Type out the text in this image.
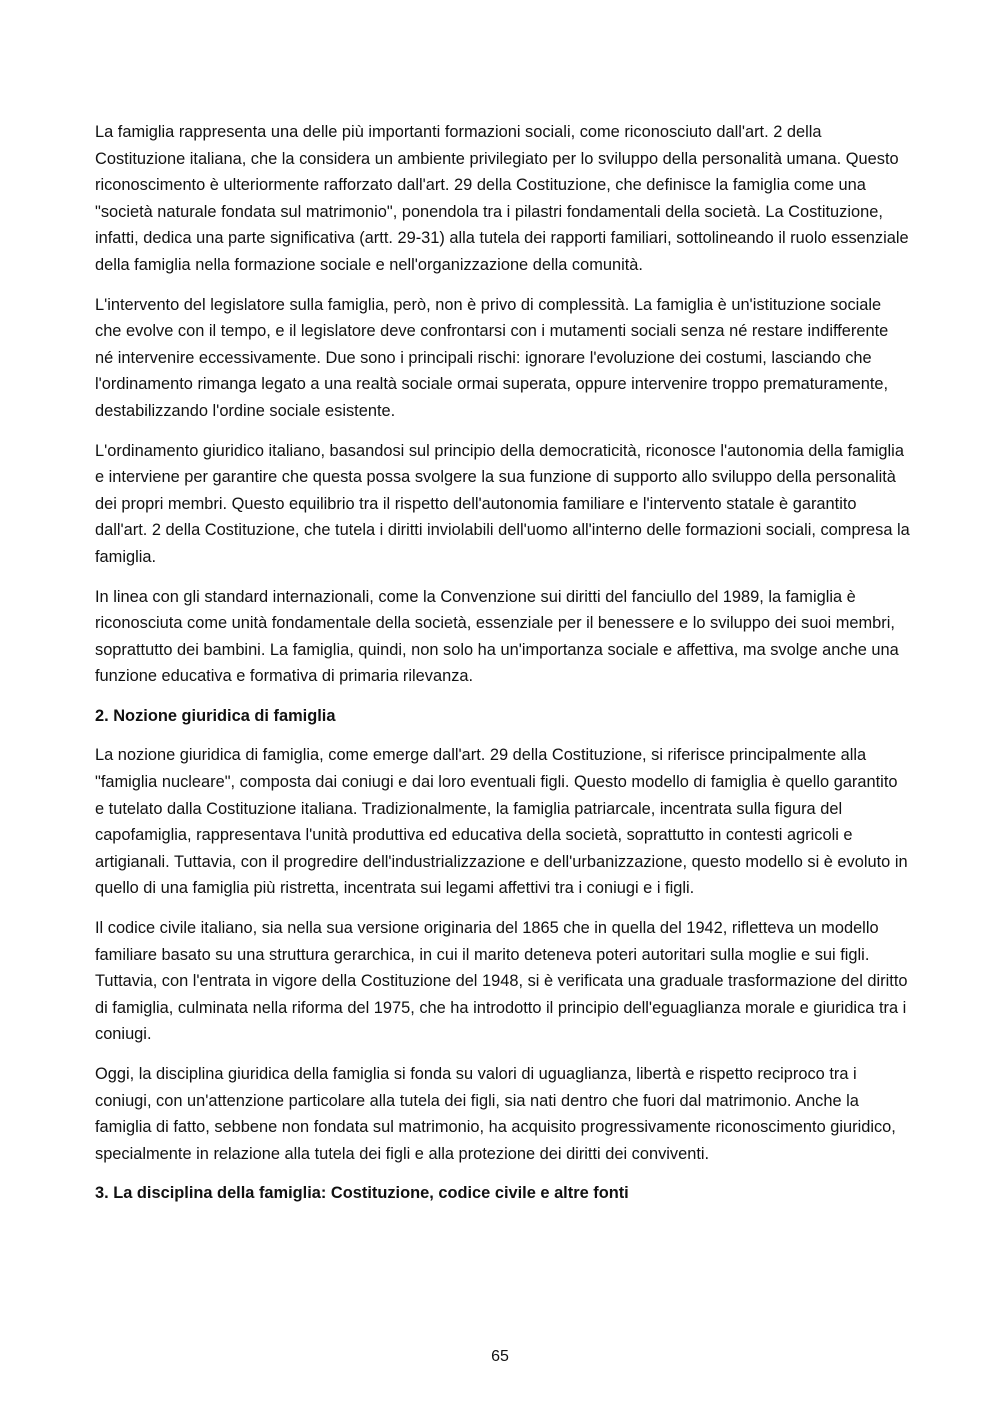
La famiglia rappresenta una delle più importanti formazioni sociali, come riconosciuto dall'art. 2 della Costituzione italiana, che la considera un ambiente privilegiato per lo sviluppo della personalità umana. Questo riconoscimento è ulteriormente rafforzato dall'art. 29 della Costituzione, che definisce la famiglia come una "società naturale fondata sul matrimonio", ponendola tra i pilastri fondamentali della società. La Costituzione, infatti, dedica una parte significativa (artt. 29-31) alla tutela dei rapporti familiari, sottolineando il ruolo essenziale della famiglia nella formazione sociale e nell'organizzazione della comunità.

L'intervento del legislatore sulla famiglia, però, non è privo di complessità. La famiglia è un'istituzione sociale che evolve con il tempo, e il legislatore deve confrontarsi con i mutamenti sociali senza né restare indifferente né intervenire eccessivamente. Due sono i principali rischi: ignorare l'evoluzione dei costumi, lasciando che l'ordinamento rimanga legato a una realtà sociale ormai superata, oppure intervenire troppo prematuramente, destabilizzando l'ordine sociale esistente.

L'ordinamento giuridico italiano, basandosi sul principio della democraticità, riconosce l'autonomia della famiglia e interviene per garantire che questa possa svolgere la sua funzione di supporto allo sviluppo della personalità dei propri membri. Questo equilibrio tra il rispetto dell'autonomia familiare e l'intervento statale è garantito dall'art. 2 della Costituzione, che tutela i diritti inviolabili dell'uomo all'interno delle formazioni sociali, compresa la famiglia.

In linea con gli standard internazionali, come la Convenzione sui diritti del fanciullo del 1989, la famiglia è riconosciuta come unità fondamentale della società, essenziale per il benessere e lo sviluppo dei suoi membri, soprattutto dei bambini. La famiglia, quindi, non solo ha un'importanza sociale e affettiva, ma svolge anche una funzione educativa e formativa di primaria rilevanza.

2. Nozione giuridica di famiglia

La nozione giuridica di famiglia, come emerge dall'art. 29 della Costituzione, si riferisce principalmente alla "famiglia nucleare", composta dai coniugi e dai loro eventuali figli. Questo modello di famiglia è quello garantito e tutelato dalla Costituzione italiana. Tradizionalmente, la famiglia patriarcale, incentrata sulla figura del capofamiglia, rappresentava l'unità produttiva ed educativa della società, soprattutto in contesti agricoli e artigianali. Tuttavia, con il progredire dell'industrializzazione e dell'urbanizzazione, questo modello si è evoluto in quello di una famiglia più ristretta, incentrata sui legami affettivi tra i coniugi e i figli.

Il codice civile italiano, sia nella sua versione originaria del 1865 che in quella del 1942, rifletteva un modello familiare basato su una struttura gerarchica, in cui il marito deteneva poteri autoritari sulla moglie e sui figli. Tuttavia, con l'entrata in vigore della Costituzione del 1948, si è verificata una graduale trasformazione del diritto di famiglia, culminata nella riforma del 1975, che ha introdotto il principio dell'eguaglianza morale e giuridica tra i coniugi.

Oggi, la disciplina giuridica della famiglia si fonda su valori di uguaglianza, libertà e rispetto reciproco tra i coniugi, con un'attenzione particolare alla tutela dei figli, sia nati dentro che fuori dal matrimonio. Anche la famiglia di fatto, sebbene non fondata sul matrimonio, ha acquisito progressivamente riconoscimento giuridico, specialmente in relazione alla tutela dei figli e alla protezione dei diritti dei conviventi.

3. La disciplina della famiglia: Costituzione, codice civile e altre fonti

65
